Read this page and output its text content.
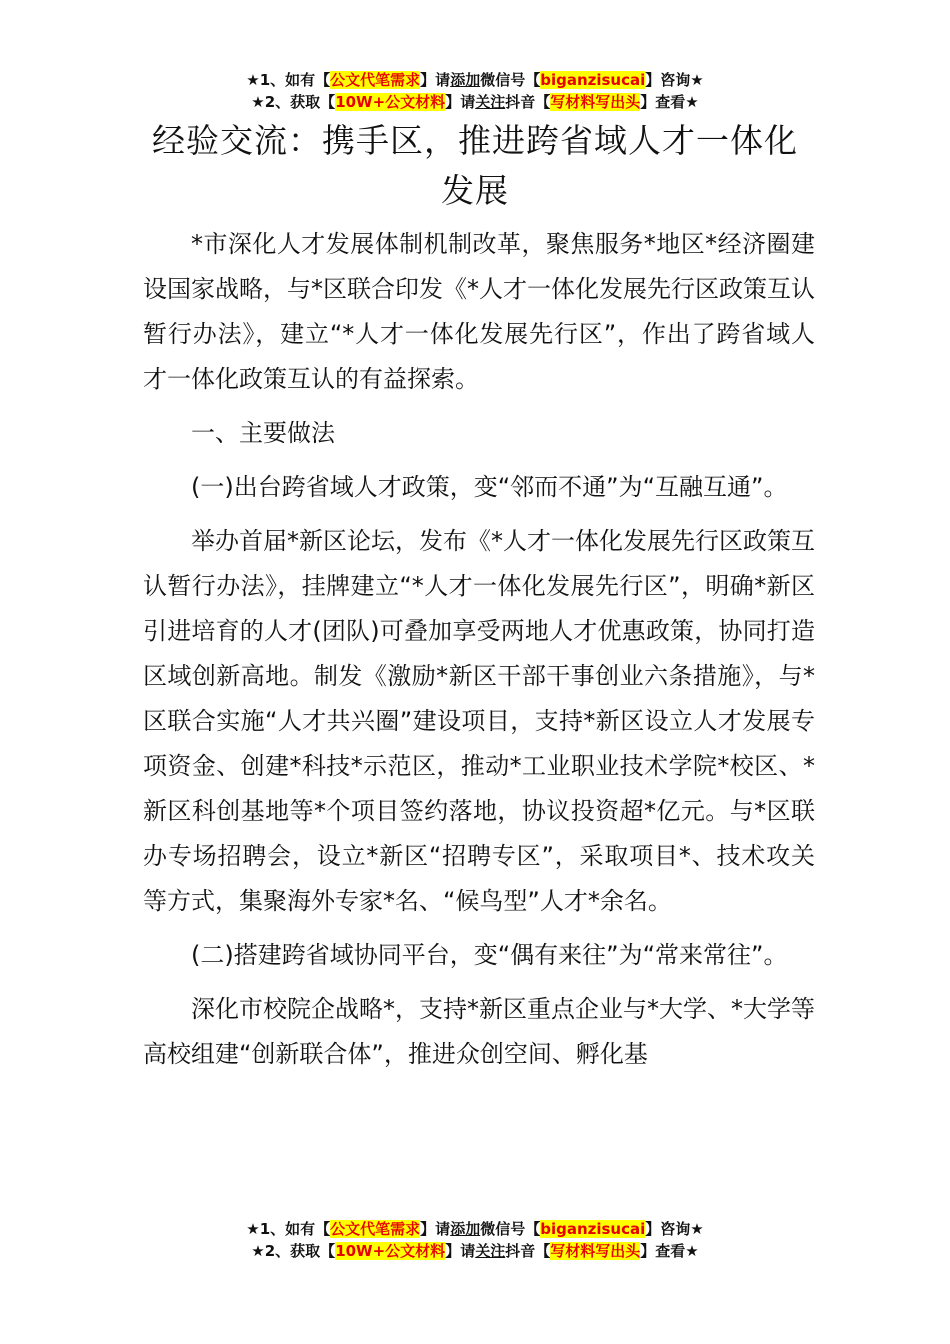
★1、如有【公文代笔需求】请添加微信号【biganzisucai】咨询★
★2、获取【10W+公文材料】请关注抖音【写材料写出头】查看★
经验交流：携手区，推进跨省域人才一体化发展

*市深化人才发展体制机制改革，聚焦服务*地区*经济圈建设国家战略，与*区联合印发《*人才一体化发展先行区政策互认暂行办法》，建立“*人才一体化发展先行区”，作出了跨省域人才一体化政策互认的有益探索。

一、主要做法

(一)出台跨省域人才政策，变“邻而不通”为“互融互通”。

举办首届*新区论坛，发布《*人才一体化发展先行区政策互认暂行办法》，挂牌建立“*人才一体化发展先行区”，明确*新区引进培育的人才(团队)可叠加享受两地人才优惠政策，协同打造区域创新高地。制发《激励*新区干部干事创业六条措施》，与*区联合实施“人才共兴圈”建设项目，支持*新区设立人才发展专项资金、创建*科技*示范区，推动*工业职业技术学院*校区、*新区科创基地等*个项目签约落地，协议投资超*亿元。与*区联办专场招聘会，设立*新区“招聘专区”，采取项目*、技术攻关等方式，集聚海外专家*名、“候鸟型”人才*余名。

(二)搭建跨省域协同平台，变“偶有来往”为“常来常往”。

深化市校院企战略*，支持*新区重点企业与*大学、*大学等高校组建“创新联合体”，推进众创空间、孵化基

★1、如有【公文代笔需求】请添加微信号【biganzisucai】咨询★
★2、获取【10W+公文材料】请关注抖音【写材料写出头】查看★
